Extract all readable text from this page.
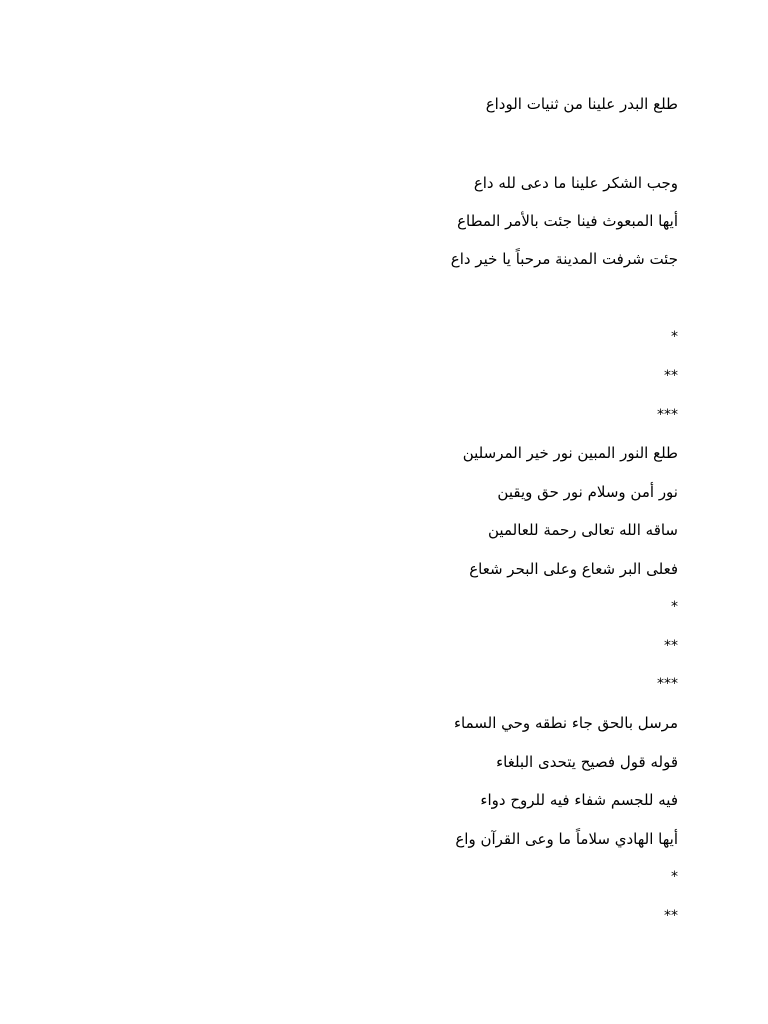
طلع البدر علينا من ثنيات الوداع
وجب الشكر علينا ما دعى لله داع
أيها المبعوث فينا جئت بالأمر المطاع
جئت شرفت المدينة مرحباً يا خير داع
*
**
***
طلع النور المبين نور خير المرسلين
نور أمن وسلام نور حق ويقين
ساقه الله تعالى رحمة للعالمين
فعلى البر شعاع وعلى البحر شعاع
*
**
***
مرسل بالحق جاء نطقه وحي السماء
قوله قول فصيح يتحدى البلغاء
فيه للجسم شفاء فيه للروح دواء
أيها الهادي سلاماً ما وعى القرآن واع
*
**
